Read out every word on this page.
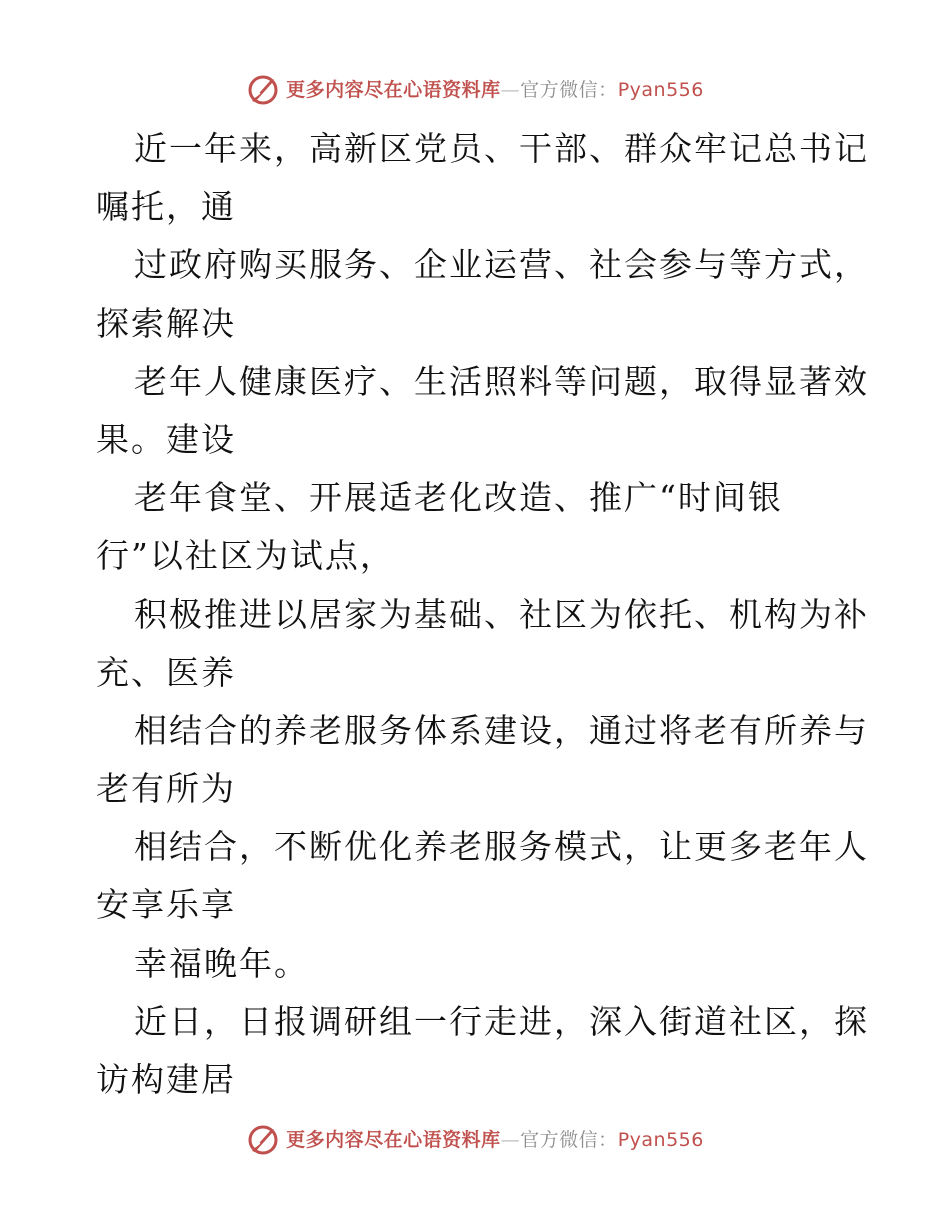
更多内容尽在心语资料库—官方微信：Pyan556
近一年来，高新区党员、干部、群众牢记总书记
嘱托，通
过政府购买服务、企业运营、社会参与等方式，
探索解决
老年人健康医疗、生活照料等问题，取得显著效
果。建设
老年食堂、开展适老化改造、推广“时间银
行”以社区为试点，
积极推进以居家为基础、社区为依托、机构为补
充、医养
相结合的养老服务体系建设，通过将老有所养与
老有所为
相结合，不断优化养老服务模式，让更多老年人
安享乐享
幸福晚年。
近日，日报调研组一行走进，深入街道社区，探
访构建居
更多内容尽在心语资料库—官方微信：Pyan556
